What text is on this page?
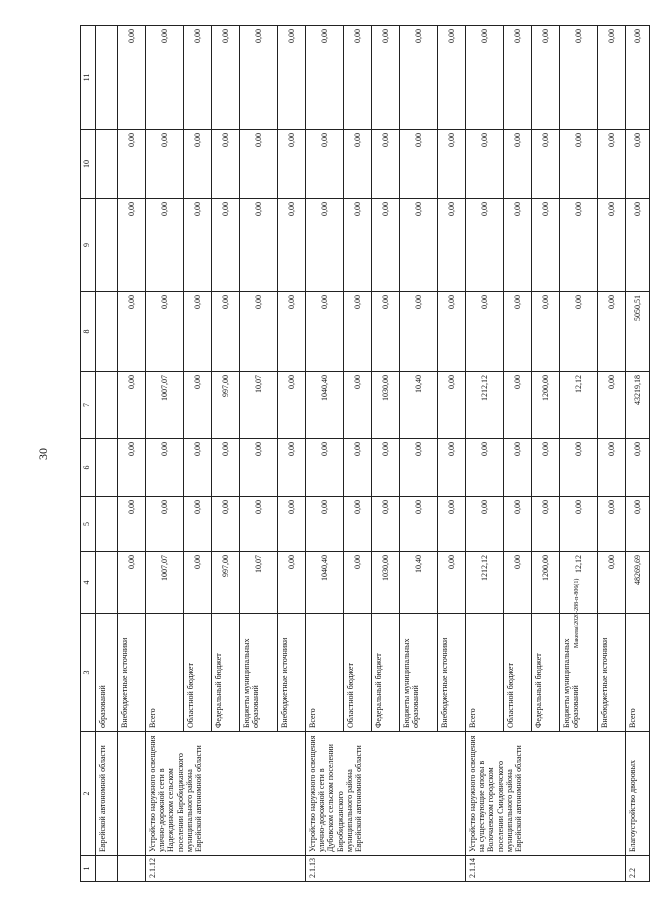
30
Макеева\2020-288-п-806(1)
1	2	3	4	5	6	7	8	9	10	11
	Еврейской автономной области	образований								
		Внебюджетные источники	0,00	0,00	0,00	0,00	0,00	0,00	0,00	0,00
2.1.12	Устройство наружного освещения улично-дорожной сети в Надеждинском сельском поселении Биробиджанского муниципального района Еврейской автономной области	Всего	1007,07	0,00	0,00	1007,07	0,00	0,00	0,00	0,00
		Областной бюджет	0,00	0,00	0,00	0,00	0,00	0,00	0,00	0,00
		Федеральный бюджет	997,00	0,00	0,00	997,00	0,00	0,00	0,00	0,00
		Бюджеты муниципальных образований	10,07	0,00	0,00	10,07	0,00	0,00	0,00	0,00
		Внебюджетные источники	0,00	0,00	0,00	0,00	0,00	0,00	0,00	0,00
2.1.13	Устройство наружного освещения улично-дорожной сети в Дубовском сельском поселении Биробиджанского муниципального района Еврейской автономной области	Всего	1040,40	0,00	0,00	1040,40	0,00	0,00	0,00	0,00
		Областной бюджет	0,00	0,00	0,00	0,00	0,00	0,00	0,00	0,00
		Федеральный бюджет	1030,00	0,00	0,00	1030,00	0,00	0,00	0,00	0,00
		Бюджеты муниципальных образований	10,40	0,00	0,00	10,40	0,00	0,00	0,00	0,00
		Внебюджетные источники	0,00	0,00	0,00	0,00	0,00	0,00	0,00	0,00
2.1.14	Устройство наружного освещения на существующие опоры в Волочаевском городском поселении Смидовичского муниципального района Еврейской автономной области	Всего	1212,12	0,00	0,00	1212,12	0,00	0,00	0,00	0,00
		Областной бюджет	0,00	0,00	0,00	0,00	0,00	0,00	0,00	0,00
		Федеральный бюджет	1200,00	0,00	0,00	1200,00	0,00	0,00	0,00	0,00
		Бюджеты муниципальных образований	12,12	0,00	0,00	12,12	0,00	0,00	0,00	0,00
		Внебюджетные источники	0,00	0,00	0,00	0,00	0,00	0,00	0,00	0,00
2.2	Благоустройство дворовых	Всего	48269,69	0,00	0,00	43219,18	5050,51	0,00	0,00	0,00
